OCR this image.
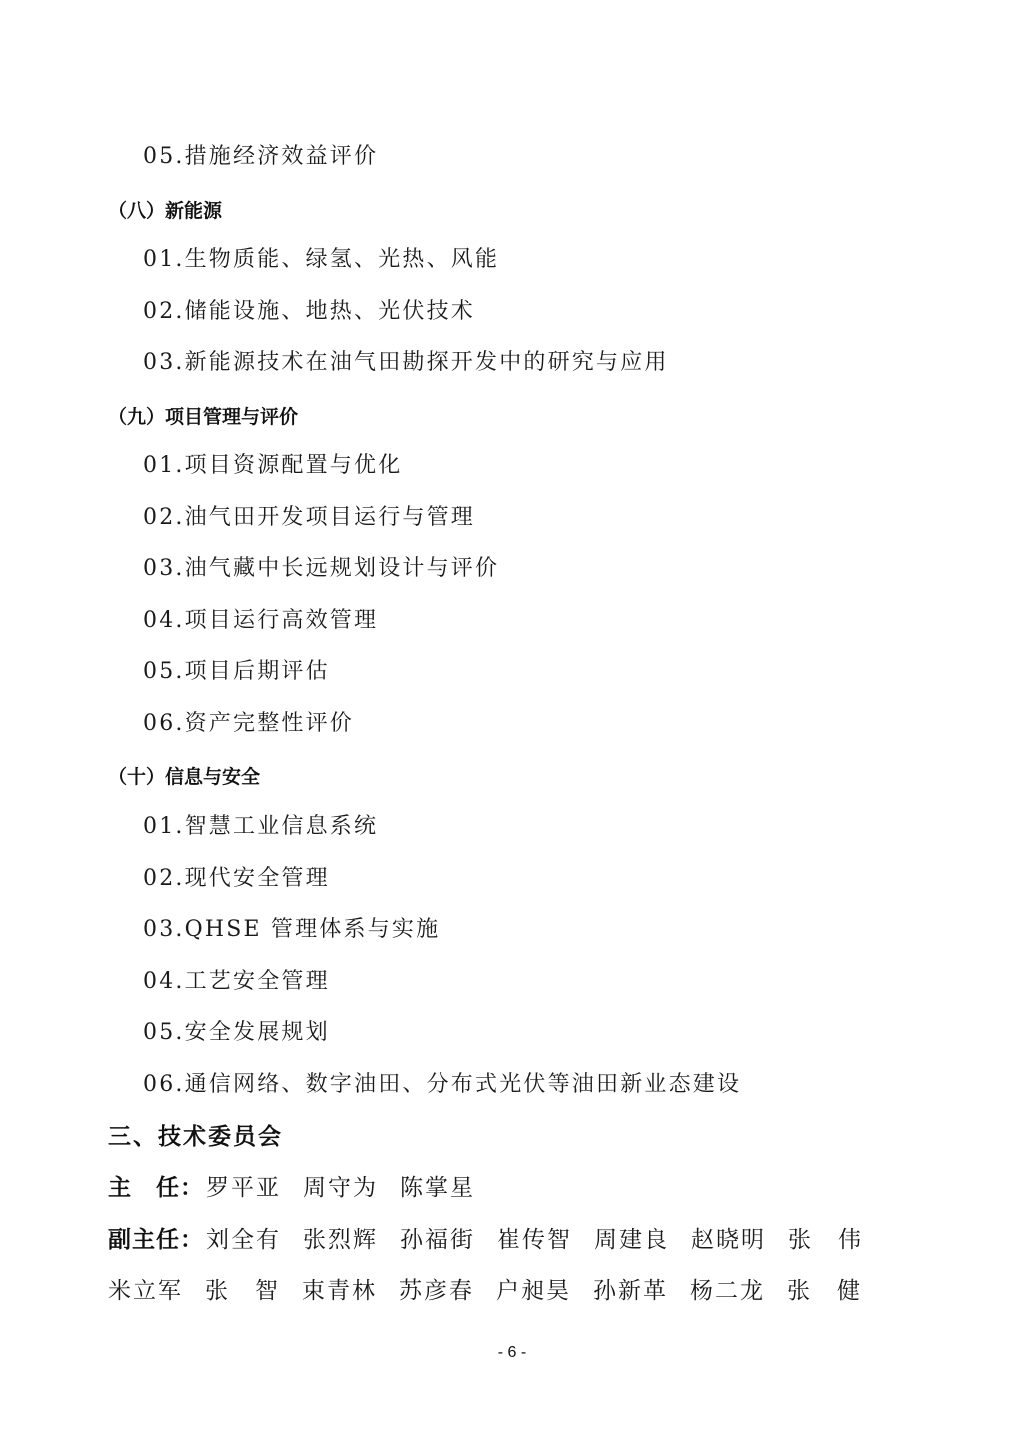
05.措施经济效益评价
（八）新能源
01.生物质能、绿氢、光热、风能
02.储能设施、地热、光伏技术
03.新能源技术在油气田勘探开发中的研究与应用
（九）项目管理与评价
01.项目资源配置与优化
02.油气田开发项目运行与管理
03.油气藏中长远规划设计与评价
04.项目运行高效管理
05.项目后期评估
06.资产完整性评价
（十）信息与安全
01.智慧工业信息系统
02.现代安全管理
03.QHSE 管理体系与实施
04.工艺安全管理
05.安全发展规划
06.通信网络、数字油田、分布式光伏等油田新业态建设
三、技术委员会
主　任：罗平亚 周守为 陈掌星
副主任：刘全有 张烈辉 孙福街 崔传智 周建良 赵晓明 张　伟
米立军 张　智 束青林 苏彦春 户昶昊 孙新革 杨二龙 张　健
- 6 -
